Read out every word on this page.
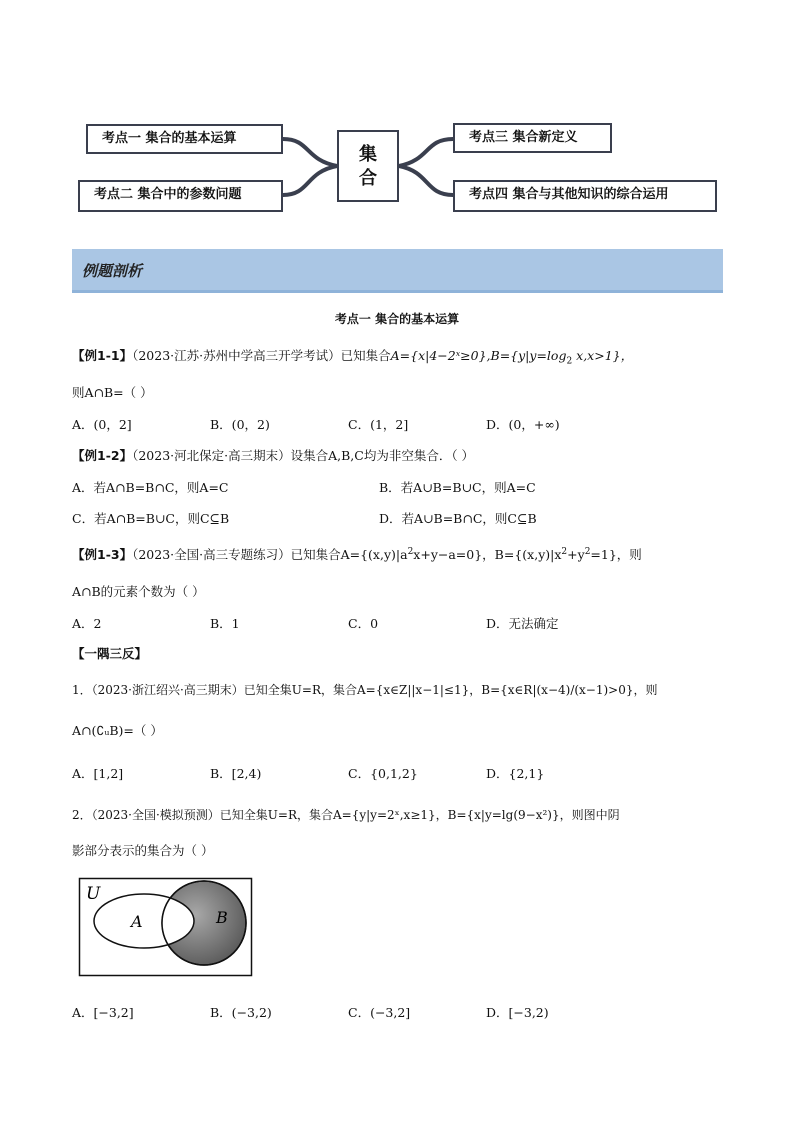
考点一 集合的基本运算
考点二 集合中的参数问题
集
合
考点三 集合新定义
考点四 集合与其他知识的综合运用
例题剖析
考点一 集合的基本运算
【例1-1】（2023·江苏·苏州中学高三开学考试）已知集合$A=\{x|4-2ˣ\ge 0\},B=\{y|y=\log_2$ x,x>1}，
则A∩B=（ ）
A．(0，2]	B．(0，2)	C．(1，2]	D．(0，+∞)
【例1-2】（2023·河北保定·高三期末）设集合A,B,C均为非空集合．（ ）
A．若A∩B=B∩C，则A=C	B．若A∪B=B∪C，则A=C
C．若A∩B=B∪C，则C⊆B	D．若A∪B=B∩C，则C⊆B
【例1-3】（2023·全国·高三专题练习）已知集合$A=\{(x,y)|a^2x+y-a=0\}$，$B=\{(x,y)|x^2+y^2=1\}$，则
A∩B的元素个数为（ ）
A．2	B．1	C．0	D．无法确定
【一隅三反】
1．（2023·浙江绍兴·高三期末）已知全集U=R，集合A={x∈Z||x−1|≤1}，B={x∈R|(x−4)/(x−1)>0}，则
A∩(∁ᵤB)=（ ）
A．[1,2]	B．[2,4)	C．{0,1,2}	D．{2,1}
2．（2023·全国·模拟预测）已知全集U=R，集合A={y|y=2ˣ,x≥1}，B={x|y=lg(9−x²)}，则图中阴
影部分表示的集合为（ ）
U
A	B
A．[−3,2]	B．(−3,2)	C．(−3,2]	D．[−3,2)
